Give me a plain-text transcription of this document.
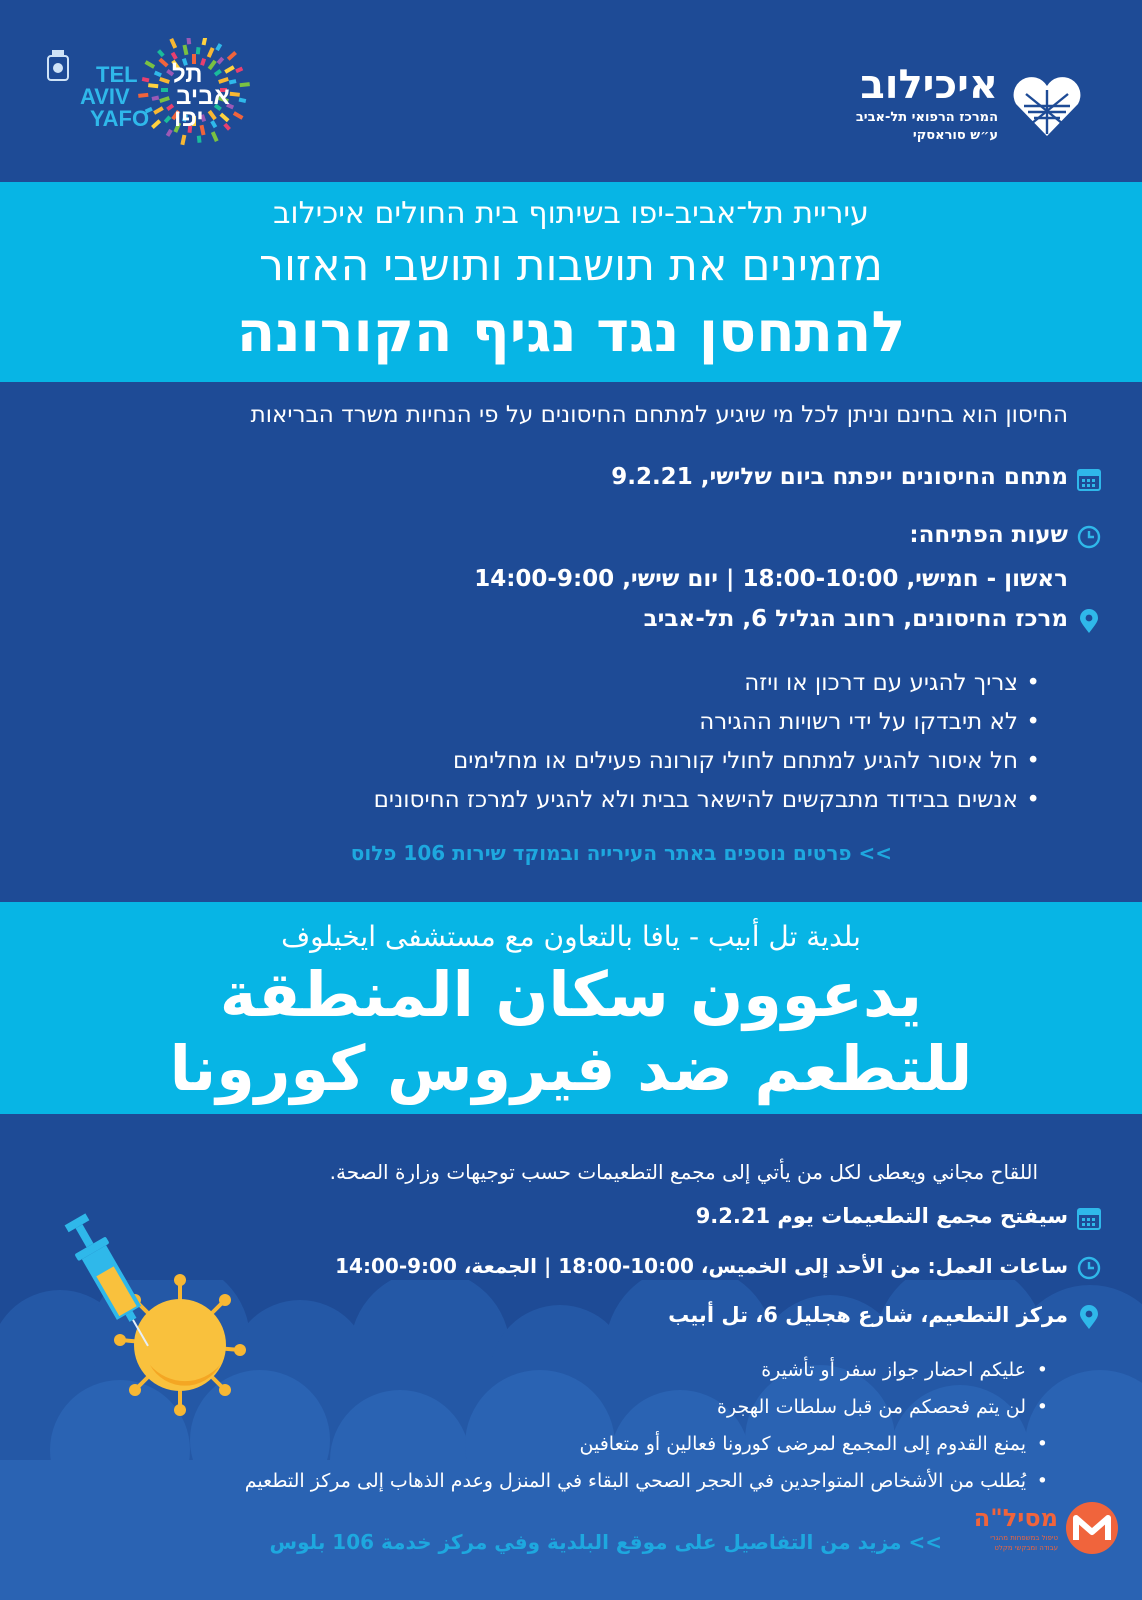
TEL
AVIV
YAFO
תל
אביב
יפו
איכילוב
המרכז הרפואי תל-אביב
ע״ש סוראסקי
עיריית תל־אביב-יפו בשיתוף בית החולים איכילוב
מזמינים את תושבות ותושבי האזור
להתחסן נגד נגיף הקורונה
החיסון הוא בחינם וניתן לכל מי שיגיע למתחם החיסונים על פי הנחיות משרד הבריאות
מתחם החיסונים ייפתח ביום שלישי, 9.2.21
שעות הפתיחה:
ראשון - חמישי, 18:00-10:00 | יום שישי, 14:00-9:00
מרכז החיסונים, רחוב הגליל 6, תל-אביב
• צריך להגיע עם דרכון או ויזה
• לא תיבדקו על ידי רשויות ההגירה
• חל איסור להגיע למתחם לחולי קורונה פעילים או מחלימים
• אנשים בבידוד מתבקשים להישאר בבית ולא להגיע למרכז החיסונים
>> פרטים נוספים באתר העירייה ובמוקד שירות 106 פלוס
بلدية تل أبيب - يافا بالتعاون مع مستشفى ايخيلوف
يدعوون سكان المنطقة
للتطعم ضد فيروس كورونا
اللقاح مجاني ويعطى لكل من يأتي إلى مجمع التطعيمات حسب توجيهات وزارة الصحة.
سيفتح مجمع التطعيمات يوم 9.2.21
ساعات العمل: من الأحد إلى الخميس، 10:00-18:00 | الجمعة، 9:00-14:00
مركز التطعيم، شارع هجليل 6، تل أبيب
• عليكم احضار جواز سفر أو تأشيرة
• لن يتم فحصكم من قبل سلطات الهجرة
• يمنع القدوم إلى المجمع لمرضى كورونا فعالين أو متعافين
• يُطلب من الأشخاص المتواجدين في الحجر الصحي البقاء في المنزل وعدم الذهاب إلى مركز التطعيم
>> مزيد من التفاصيل على موقع البلدية وفي مركز خدمة 106 بلوس
מסיל"ה
טיפול במשפחות מהגרי
עבודה ומבקשי מקלט
